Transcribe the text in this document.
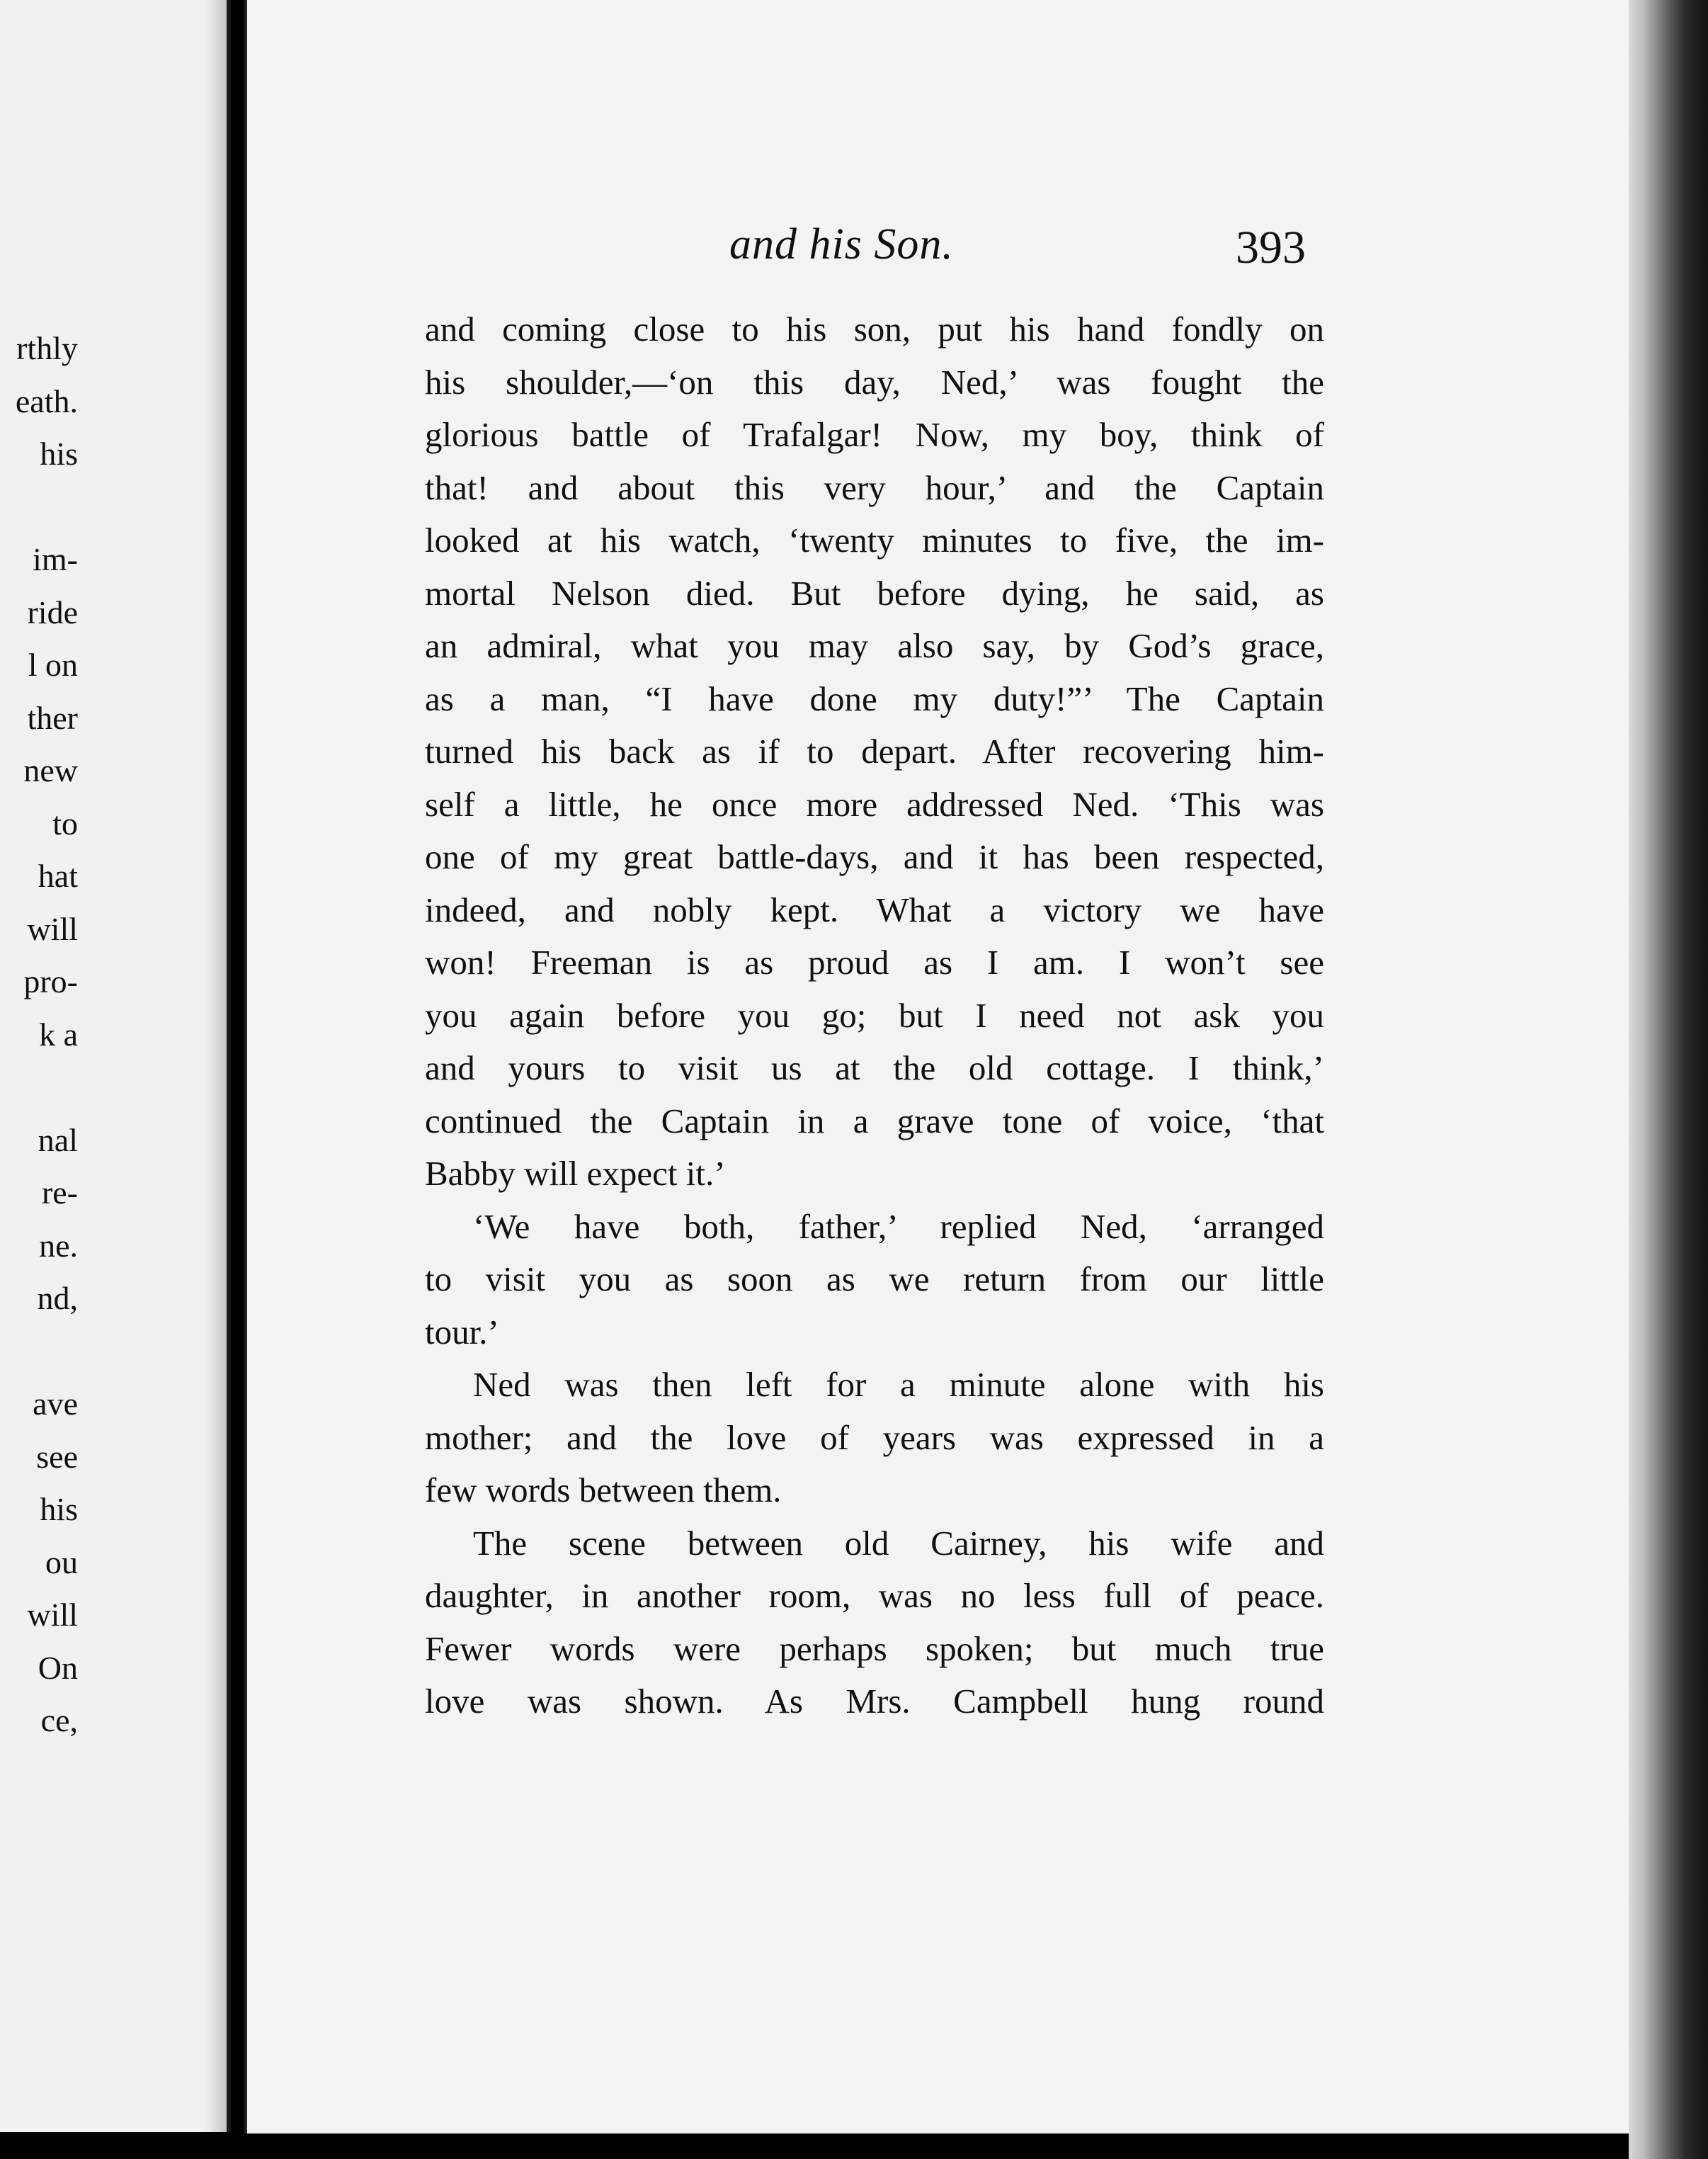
rthly
eath.
his
im-
ride
l on
ther
new
to
hat
will
pro-
k a
nal
re-
ne.
nd,
ave
see
his
ou
will
On
ce,
and his Son.	393
and coming close to his son, put his hand fondly on
his shoulder,—‘on this day, Ned,’ was fought the
glorious battle of Trafalgar! Now, my boy, think of
that! and about this very hour,’ and the Captain
looked at his watch, ‘twenty minutes to five, the im-
mortal Nelson died. But before dying, he said, as
an admiral, what you may also say, by God’s grace,
as a man, “I have done my duty!”’ The Captain
turned his back as if to depart. After recovering him-
self a little, he once more addressed Ned. ‘This was
one of my great battle-days, and it has been respected,
indeed, and nobly kept. What a victory we have
won! Freeman is as proud as I am. I won’t see
you again before you go; but I need not ask you
and yours to visit us at the old cottage. I think,’
continued the Captain in a grave tone of voice, ‘that
Babby will expect it.’
‘We have both, father,’ replied Ned, ‘arranged
to visit you as soon as we return from our little
tour.’
Ned was then left for a minute alone with his
mother; and the love of years was expressed in a
few words between them.
The scene between old Cairney, his wife and
daughter, in another room, was no less full of peace.
Fewer words were perhaps spoken; but much true
love was shown. As Mrs. Campbell hung round
